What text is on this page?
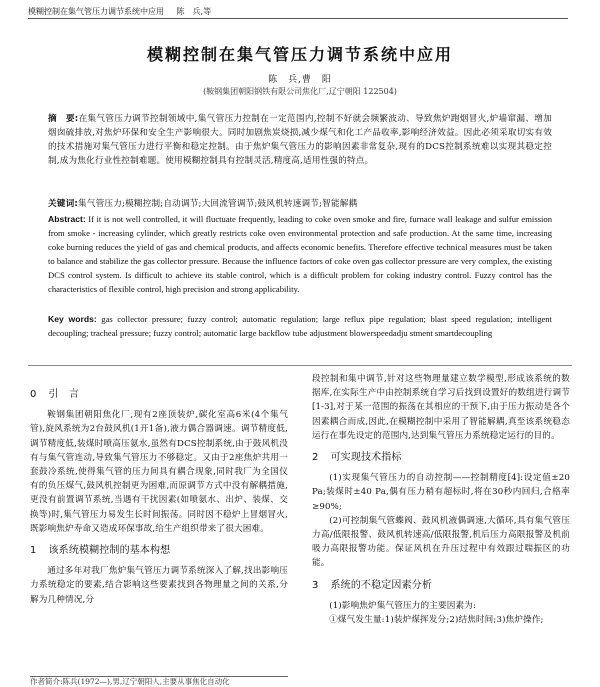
模糊控制在集气管压力调节系统中应用 陈　兵,等
模糊控制在集气管压力调节系统中应用
陈　兵,曹　阳
(鞍钢集团朝阳钢铁有限公司焦化厂,辽宁朝阳 122504)
摘　要:在集气管压力调节控制领域中,集气管压力控制在一定范围内,控制不好就会频繁波动、导致焦炉跑烟冒火,炉墙窜漏、增加烟囱硫排放,对焦炉环保和安全生产影响很大。同时加剧焦炭烧损,减少煤气和化工产品收率,影响经济效益。因此必须采取切实有效的技术措施对集气管压力进行平衡和稳定控制。由于焦炉集气管压力的影响因素非常复杂,现有的DCS控制系统难以实现其稳定控制,成为焦化行业性控制难题。使用模糊控制具有控制灵活,精度高,适用性强的特点。
关键词:集气管压力;模糊控制;自动调节;大回流管调节;鼓风机转速调节;智能解耦
Abstract: If it is not well controlled, it will fluctuate frequently, leading to coke oven smoke and fire, furnace wall leakage and sulfur emission from smoke - increasing cylinder, which greatly restricts coke oven environmental protection and safe production. At the same time, increasing coke burning reduces the yield of gas and chemical products, and affects economic benefits. Therefore effective technical measures must be taken to balance and stabilize the gas collector pressure. Because the influence factors of coke oven gas collector pressure are very complex, the existing DCS control system. Is difficult to achieve its stable control, which is a difficult problem for coking industry control. Fuzzy control has the characteristics of flexible control, high precision and strong applicability.
Key words: gas collector pressure; fuzzy control; automatic regulation; large reflux pipe regulation; blast speed regulation; intelligent decoupling; tracheal pressure; fuzzy control; automatic large backflow tube adjustment blowerspeedadju stment smartdecoupling
0 引　言

鞍钢集团朝阳焦化厂,现有2座顶装炉,碳化室高6米(4个集气管),旋风系统为2台鼓风机(1开1备),液力偶合器调速。调节精度低,调节精度低,装煤时喷高压氨水,虽然有DCS控制系统,由于鼓风机没有与集气管连动,导致集气管压力不够稳定。又由于2座焦炉共用一套鼓冷系统,使得集气管的压力间具有耦合现象,同时我厂为全国仪有的负压煤气,鼓风机控制更为困难,而原调节方式中没有解耦措施,更没有前置调节系统,当遇有干扰因素(如喷氨水、出炉、装煤、交换等)时,集气管压力易发生长时间振荡。同时因不稳炉上冒烟冒火,既影响焦炉寿命又造成环保事故,给生产组织带来了很大困难。

1 该系统模糊控制的基本构想

通过多年对我厂焦炉集气管压力调节系统深入了解,找出影响压力系统稳定的要素,结合影响这些要素找到各物理量之间的关系,分解为几种情况,分

段控制和集中调节,针对这些物理量建立数学模型,形成该系统的数据库,在实际生产中由控制系统自学习后找到设置好的数组进行调节[1-3],对于某一范围的振荡在其相应的干预下,由于压力振动是各个因素耦合而成,因此,在模糊控制中采用了智能解耦,真至该系统稳态运行在事先设定的范围内,达到集气管压力系统稳定运行的目的。

2 可实现技术指标

(1)实现集气管压力的自动控制——控制精度[4]:设定值±20 Pa;装煤时±40 Pa,偶有压力稍有超标时,将在30秒内回归,合格率≥90%;

(2)可控制集气管蝶阀、鼓风机液偶调速,大循环,具有集气管压力高/低限报警、鼓风机转速高/低限报警,机后压力高限报警及机前吸力高限报警功能。保证风机在升压过程中有效跟过喘振区的功能。

3 系统的不稳定因素分析

(1)影响焦炉集气管压力的主要因素为:

①煤气发生量:1)装炉煤挥发分;2)结焦时间;3)焦炉操作;

作者简介:陈兵(1972—),男,辽宁朝阳人,主要从事焦化自动化
